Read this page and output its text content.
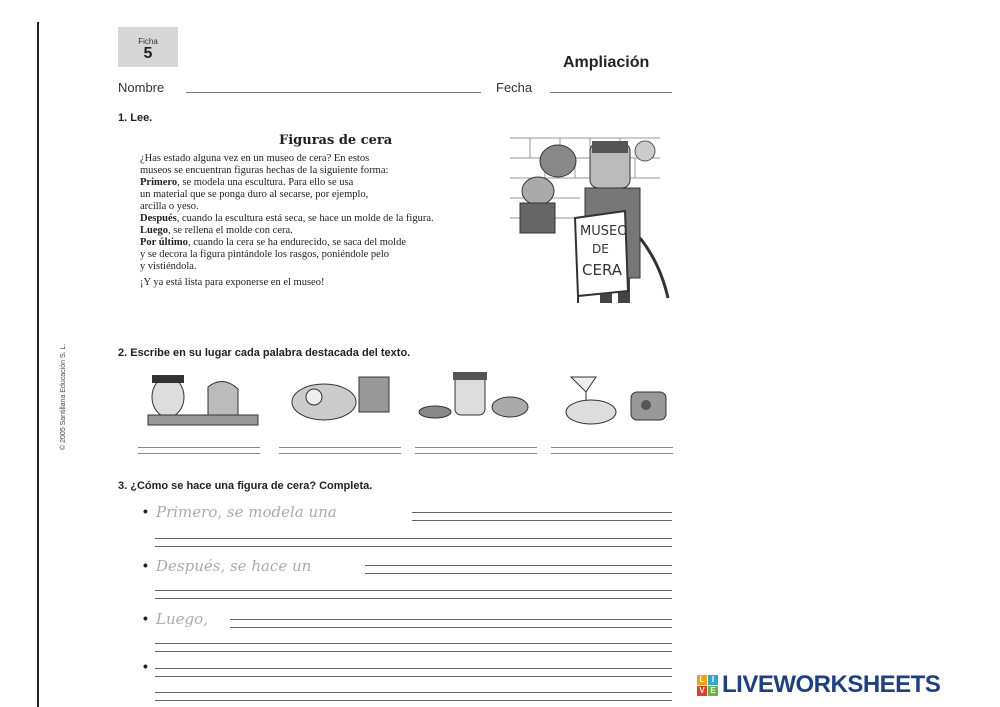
© 2005 Santillana Educación S. L.
Ficha
5
Ampliación
Nombre	Fecha
1. Lee.
Figuras de cera
¿Has estado alguna vez en un museo de cera? En estos
museos se encuentran figuras hechas de la siguiente forma:
Primero, se modela una escultura. Para ello se usa
un material que se ponga duro al secarse, por ejemplo,
arcilla o yeso.
Después, cuando la escultura está seca, se hace un molde de la figura.
Luego, se rellena el molde con cera.
Por último, cuando la cera se ha endurecido, se saca del molde
y se decora la figura pintándole los rasgos, poniéndole pelo
y vistiéndola.
¡Y ya está lista para exponerse en el museo!
MUSEO
DE
CERA
2. Escribe en su lugar cada palabra destacada del texto.
3. ¿Cómo se hace una figura de cera? Completa.
• Primero, se modela una
• Después, se hace un
• Luego,
•
L I
V E LIVEWORKSHEETS
